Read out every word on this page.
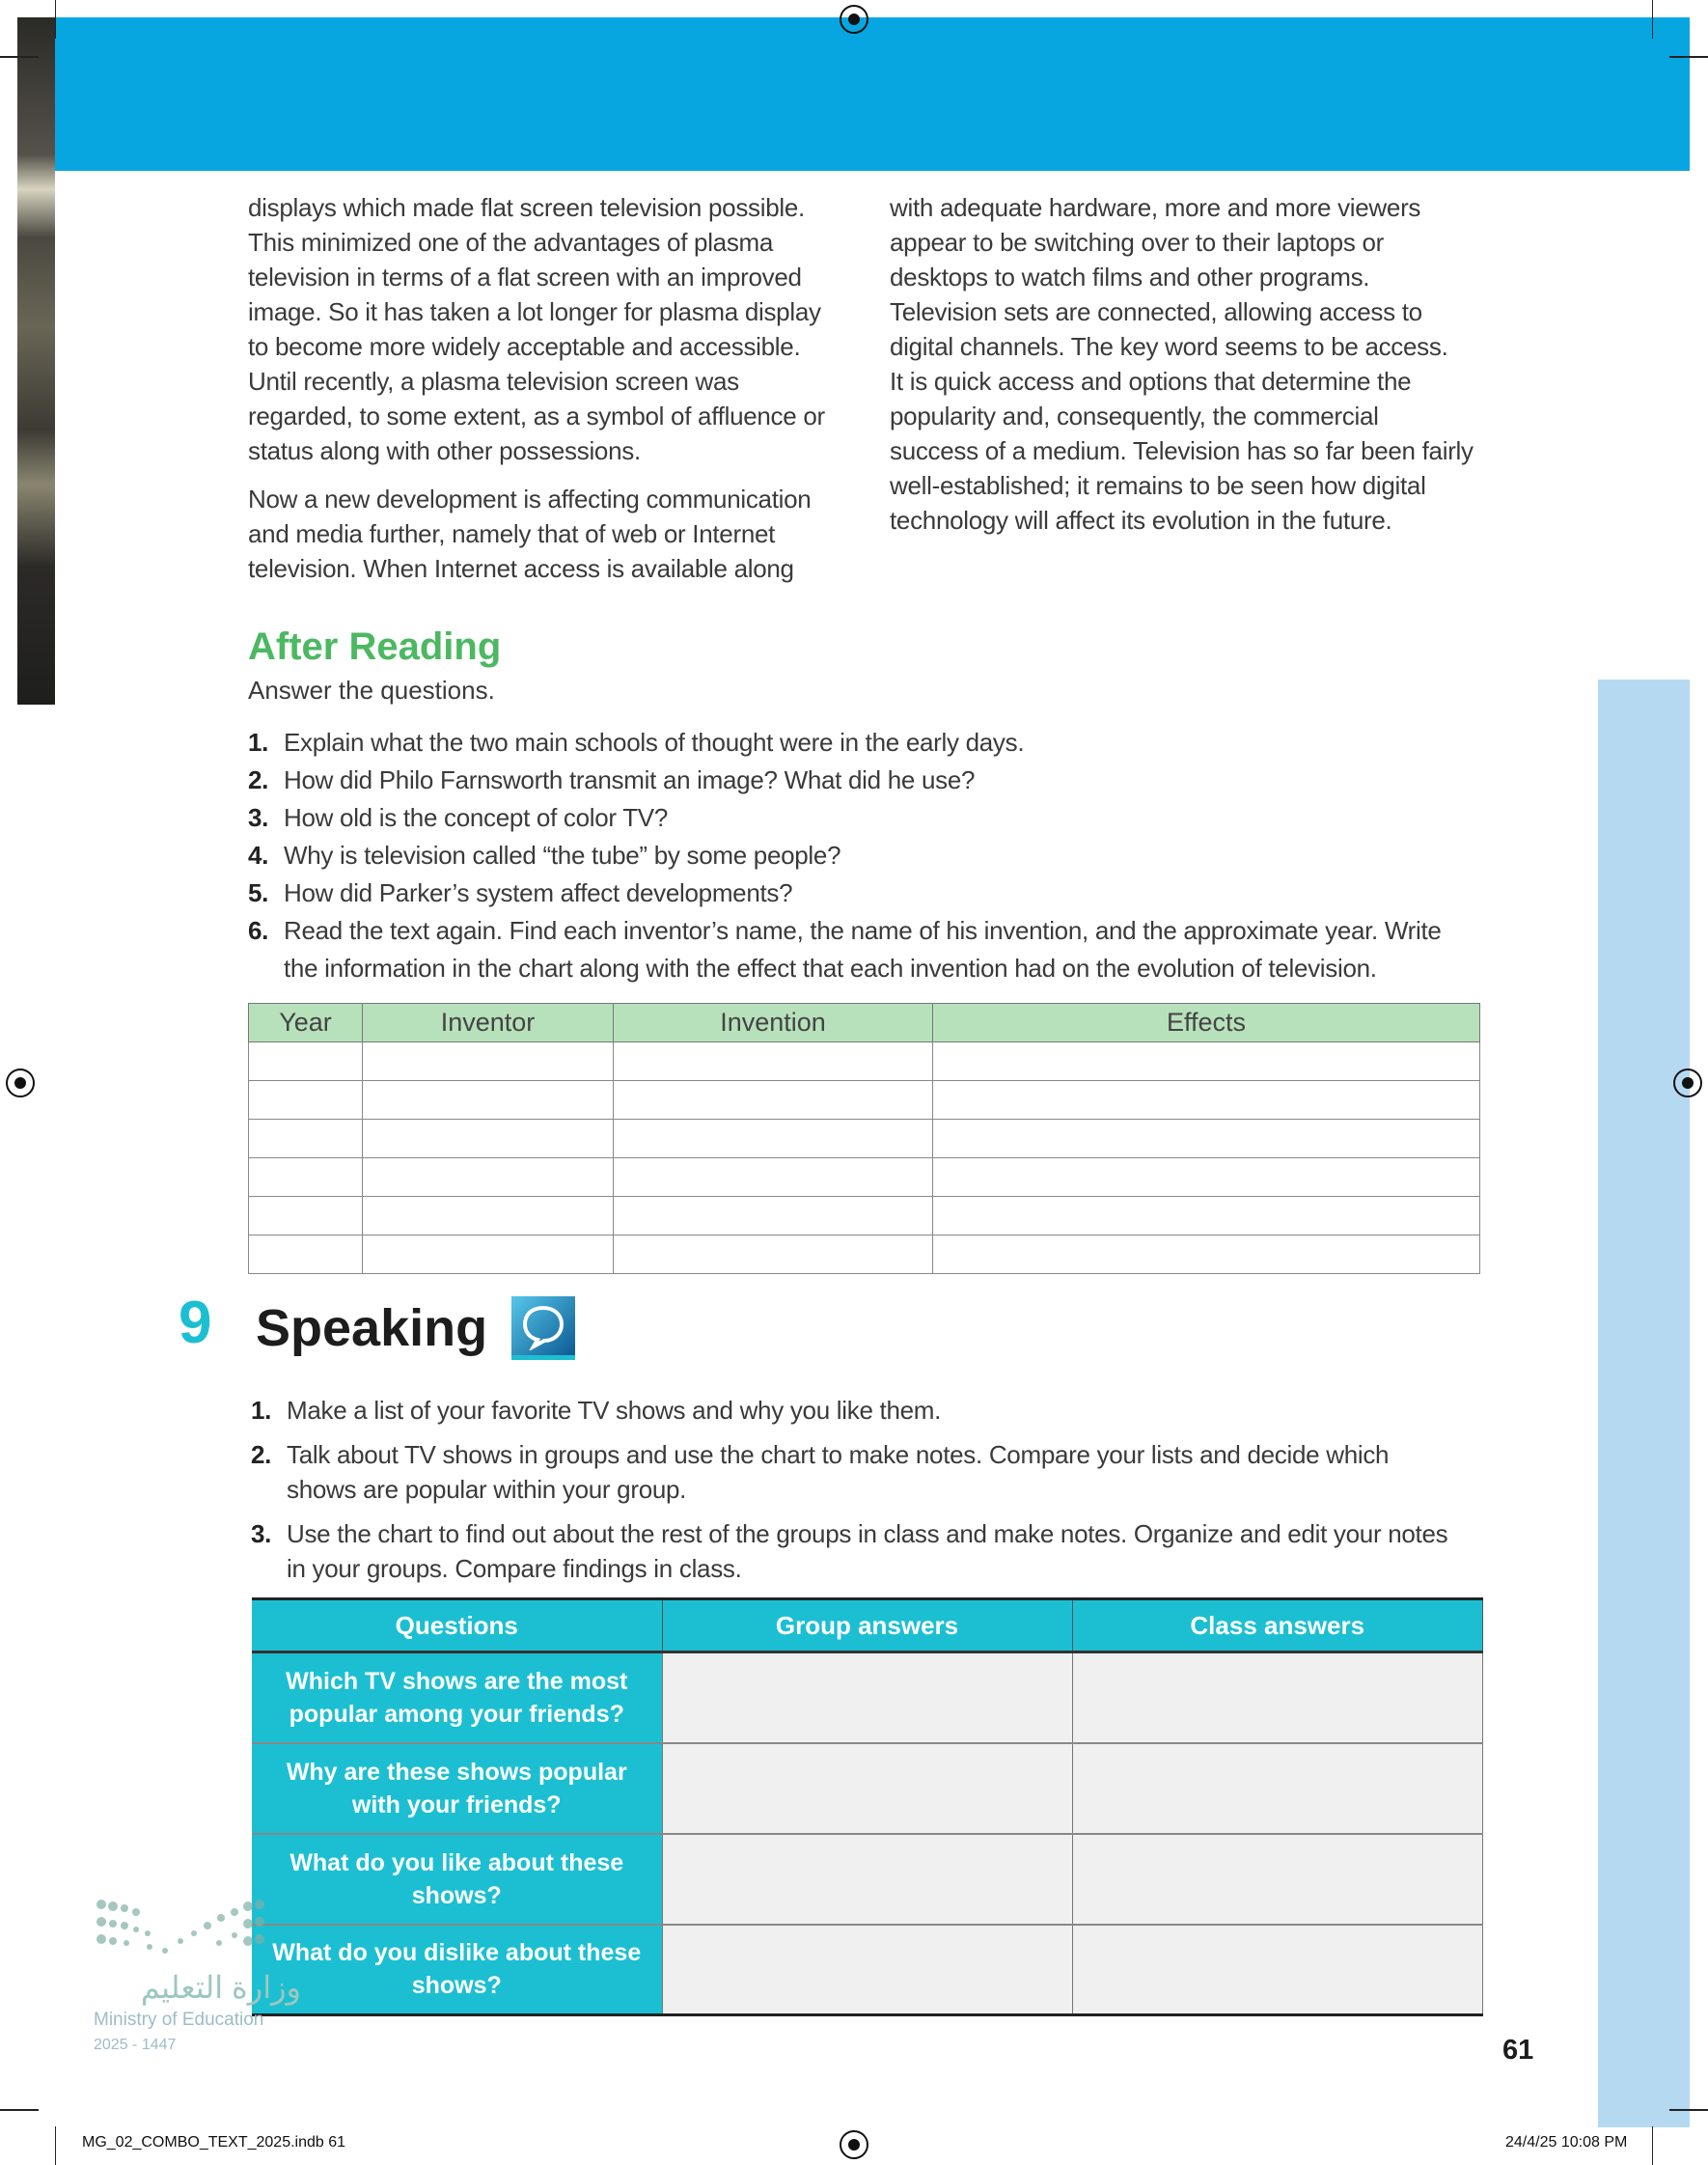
displays which made flat screen television possible.
This minimized one of the advantages of plasma
television in terms of a flat screen with an improved
image. So it has taken a lot longer for plasma display
to become more widely acceptable and accessible.
Until recently, a plasma television screen was
regarded, to some extent, as a symbol of affluence or
status along with other possessions.

Now a new development is affecting communication
and media further, namely that of web or Internet
television. When Internet access is available along

with adequate hardware, more and more viewers
appear to be switching over to their laptops or
desktops to watch films and other programs.
Television sets are connected, allowing access to
digital channels. The key word seems to be access.
It is quick access and options that determine the
popularity and, consequently, the commercial
success of a medium. Television has so far been fairly
well-established; it remains to be seen how digital
technology will affect its evolution in the future.
After Reading
Answer the questions.
1. Explain what the two main schools of thought were in the early days.
2. How did Philo Farnsworth transmit an image? What did he use?
3. How old is the concept of color TV?
4. Why is television called “the tube” by some people?
5. How did Parker’s system affect developments?
6. Read the text again. Find each inventor’s name, the name of his invention, and the approximate year. Write
the information in the chart along with the effect that each invention had on the evolution of television.
Year	Inventor	Invention	Effects

9 Speaking
1. Make a list of your favorite TV shows and why you like them.
2. Talk about TV shows in groups and use the chart to make notes. Compare your lists and decide which
shows are popular within your group.
3. Use the chart to find out about the rest of the groups in class and make notes. Organize and edit your notes
in your groups. Compare findings in class.
Questions	Group answers	Class answers
Which TV shows are the most popular among your friends?		
Why are these shows popular with your friends?		
What do you like about these shows?		
What do you dislike about these shows?		
وزارة التعليم
Ministry of Education
2025 - 1447	61
MG_02_COMBO_TEXT_2025.indb 61	24/4/25 10:08 PM
